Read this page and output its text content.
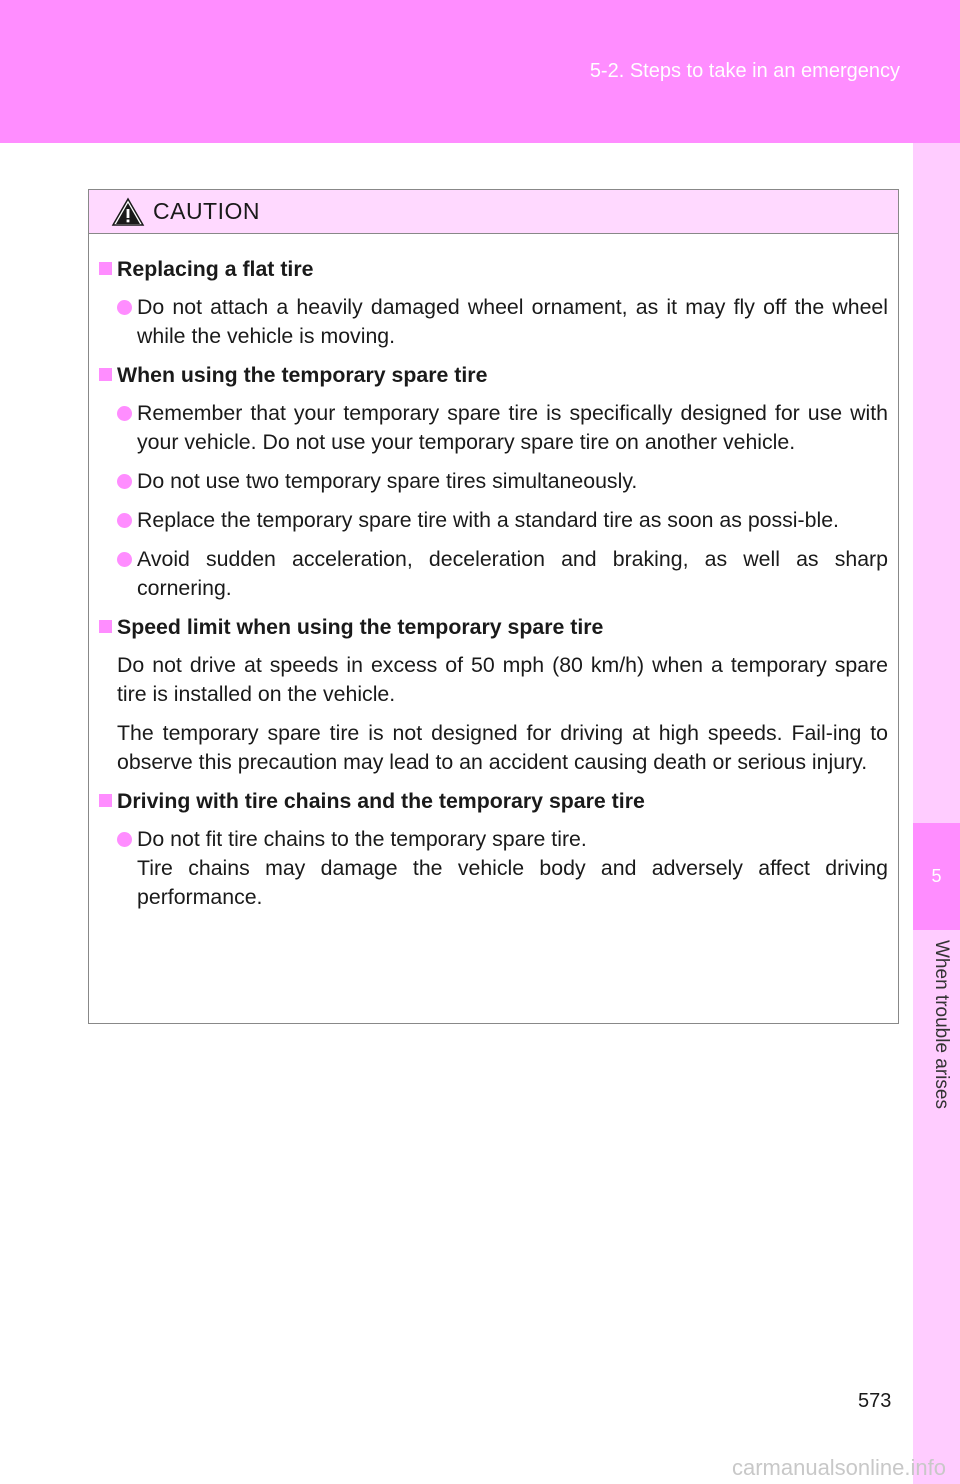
5-2. Steps to take in an emergency
5
When trouble arises
CAUTION
Replacing a flat tire
Do not attach a heavily damaged wheel ornament, as it may fly off the wheel while the vehicle is moving.
When using the temporary spare tire
Remember that your temporary spare tire is specifically designed for use with your vehicle. Do not use your temporary spare tire on another vehicle.
Do not use two temporary spare tires simultaneously.
Replace the temporary spare tire with a standard tire as soon as possi-ble.
Avoid sudden acceleration, deceleration and braking, as well as sharp cornering.
Speed limit when using the temporary spare tire
Do not drive at speeds in excess of 50 mph (80 km/h) when a temporary spare tire is installed on the vehicle.
The temporary spare tire is not designed for driving at high speeds. Fail-ing to observe this precaution may lead to an accident causing death or serious injury.
Driving with tire chains and the temporary spare tire
Do not fit tire chains to the temporary spare tire.
Tire chains may damage the vehicle body and adversely affect driving performance.
573
carmanualsonline.info
